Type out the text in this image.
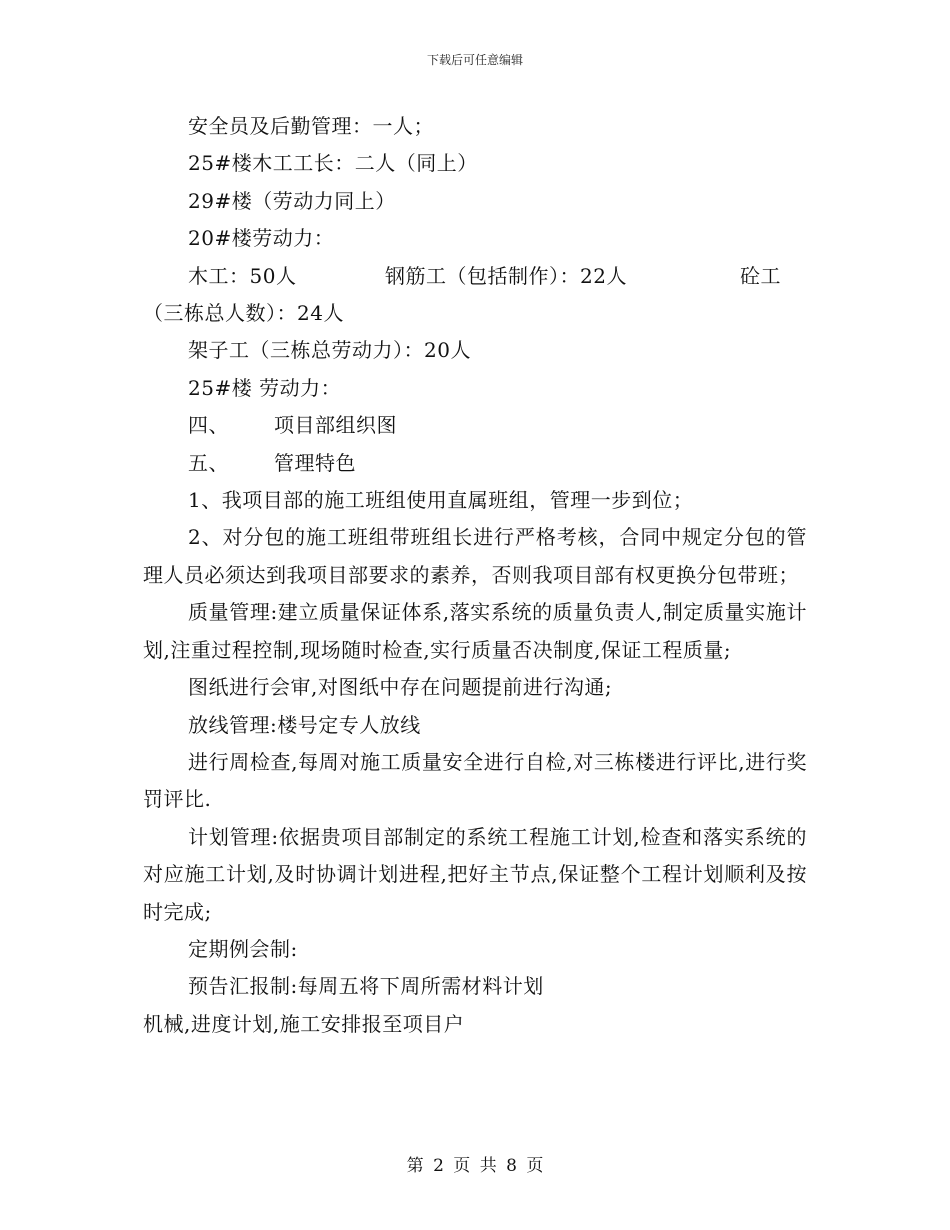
下载后可任意编辑

安全员及后勤管理：一人；

25#楼木工工长：二人（同上）

29#楼（劳动力同上）

20#楼劳动力：

木工：50人	钢筋工（包括制作）：22人	砼工

（三栋总人数）：24人

架子工（三栋总劳动力）：20人

25#楼 劳动力：

四、	项目部组织图
五、	管理特色

1、我项目部的施工班组使用直属班组，管理一步到位；

2、对分包的施工班组带班组长进行严格考核，合同中规定分包的管理人员必须达到我项目部要求的素养，否则我项目部有权更换分包带班；

质量管理:建立质量保证体系,落实系统的质量负责人,制定质量实施计划,注重过程控制,现场随时检查,实行质量否决制度,保证工程质量;

图纸进行会审,对图纸中存在问题提前进行沟通;

放线管理:楼号定专人放线

进行周检查,每周对施工质量安全进行自检,对三栋楼进行评比,进行奖罚评比.

计划管理:依据贵项目部制定的系统工程施工计划,检查和落实系统的对应施工计划,及时协调计划进程,把好主节点,保证整个工程计划顺利及按时完成;

定期例会制:

预告汇报制:每周五将下周所需材料计划

机械,进度计划,施工安排报至项目户

第 2 页 共 8 页
